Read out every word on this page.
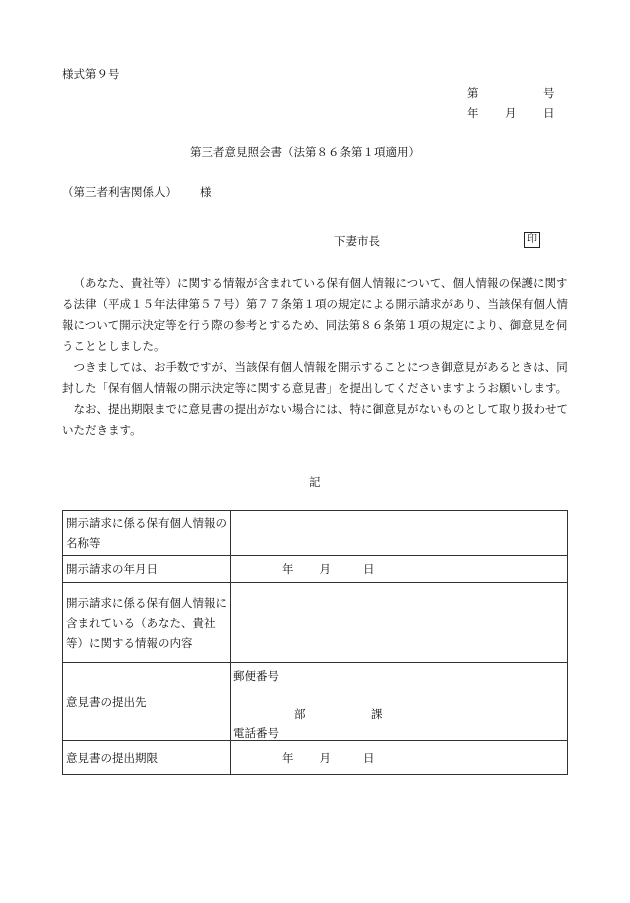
様式第９号
第	号
年 月 日
第三者意見照会書（法第８６条第１項適用）
（第三者利害関係人） 様
下妻市長	印

（あなた、貴社等）に関する情報が含まれている保有個人情報について、個人情報の保護に関する法律（平成１５年法律第５７号）第７７条第１項の規定による開示請求があり、当該保有個人情報について開示決定等を行う際の参考とするため、同法第８６条第１項の規定により、御意見を伺うこととしました。

つきましては、お手数ですが、当該保有個人情報を開示することにつき御意見があるときは、同封した「保有個人情報の開示決定等に関する意見書」を提出してくださいますようお願いします。

なお、提出期限までに意見書の提出がない場合には、特に御意見がないものとして取り扱わせていただきます。

記
開示請求に係る保有個人情報の名称等	
開示請求の年月日	年 月 日
開示請求に係る保有個人情報に含まれている（あなた、貴社等）に関する情報の内容	
意見書の提出先	郵便番号
部 課
電話番号

意見書の提出期限	年 月 日
